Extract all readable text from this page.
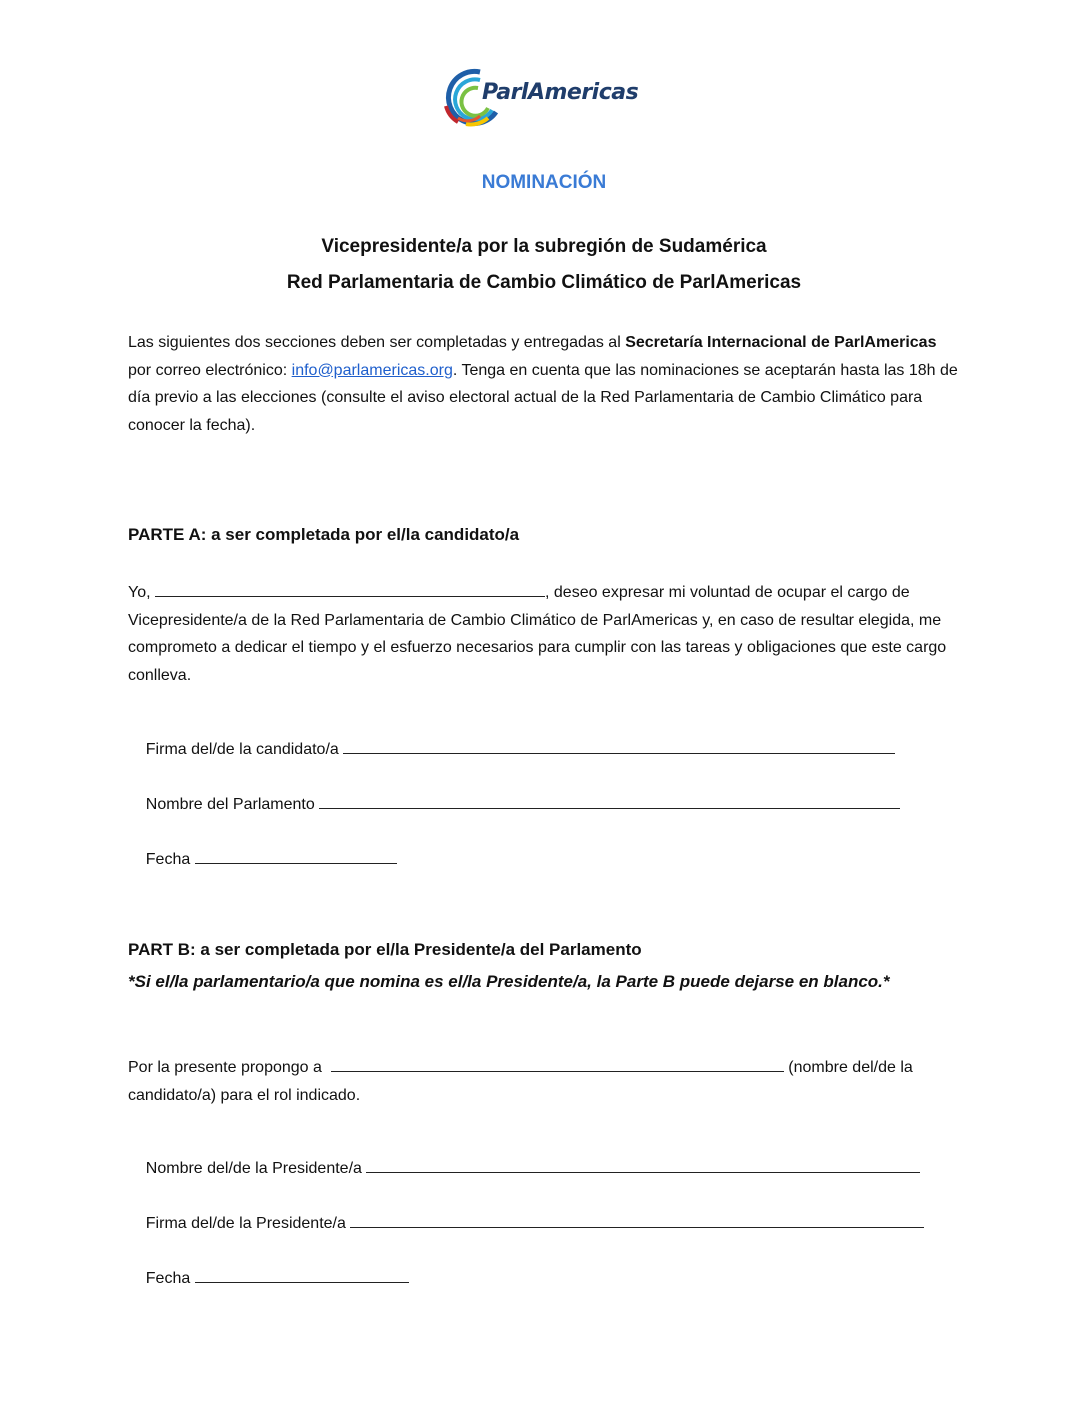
ParlAmericas
NOMINACIÓN
Vicepresidente/a por la subregión de Sudamérica
Red Parlamentaria de Cambio Climático de ParlAmericas
Las siguientes dos secciones deben ser completadas y entregadas al Secretaría Internacional de ParlAmericas por correo electrónico: info@parlamericas.org. Tenga en cuenta que las nominaciones se aceptarán hasta las 18h de día previo a las elecciones (consulte el aviso electoral actual de la Red Parlamentaria de Cambio Climático para conocer la fecha).
PARTE A: a ser completada por el/la candidato/a
Yo,	, deseo expresar mi voluntad de ocupar el cargo de Vicepresidente/a de la Red Parlamentaria de Cambio Climático de ParlAmericas y, en caso de resultar elegida, me comprometo a dedicar el tiempo y el esfuerzo necesarios para cumplir con las tareas y obligaciones que este cargo conlleva.

Firma del/de la candidato/a

Nombre del Parlamento

Fecha

PART B: a ser completada por el/la Presidente/a del Parlamento
*Si el/la parlamentario/a que nomina es el/la Presidente/a, la Parte B puede dejarse en blanco.*
Por la presente propongo a	(nombre del/de la candidato/a) para el rol indicado.

Nombre del/de la Presidente/a

Firma del/de la Presidente/a

Fecha
